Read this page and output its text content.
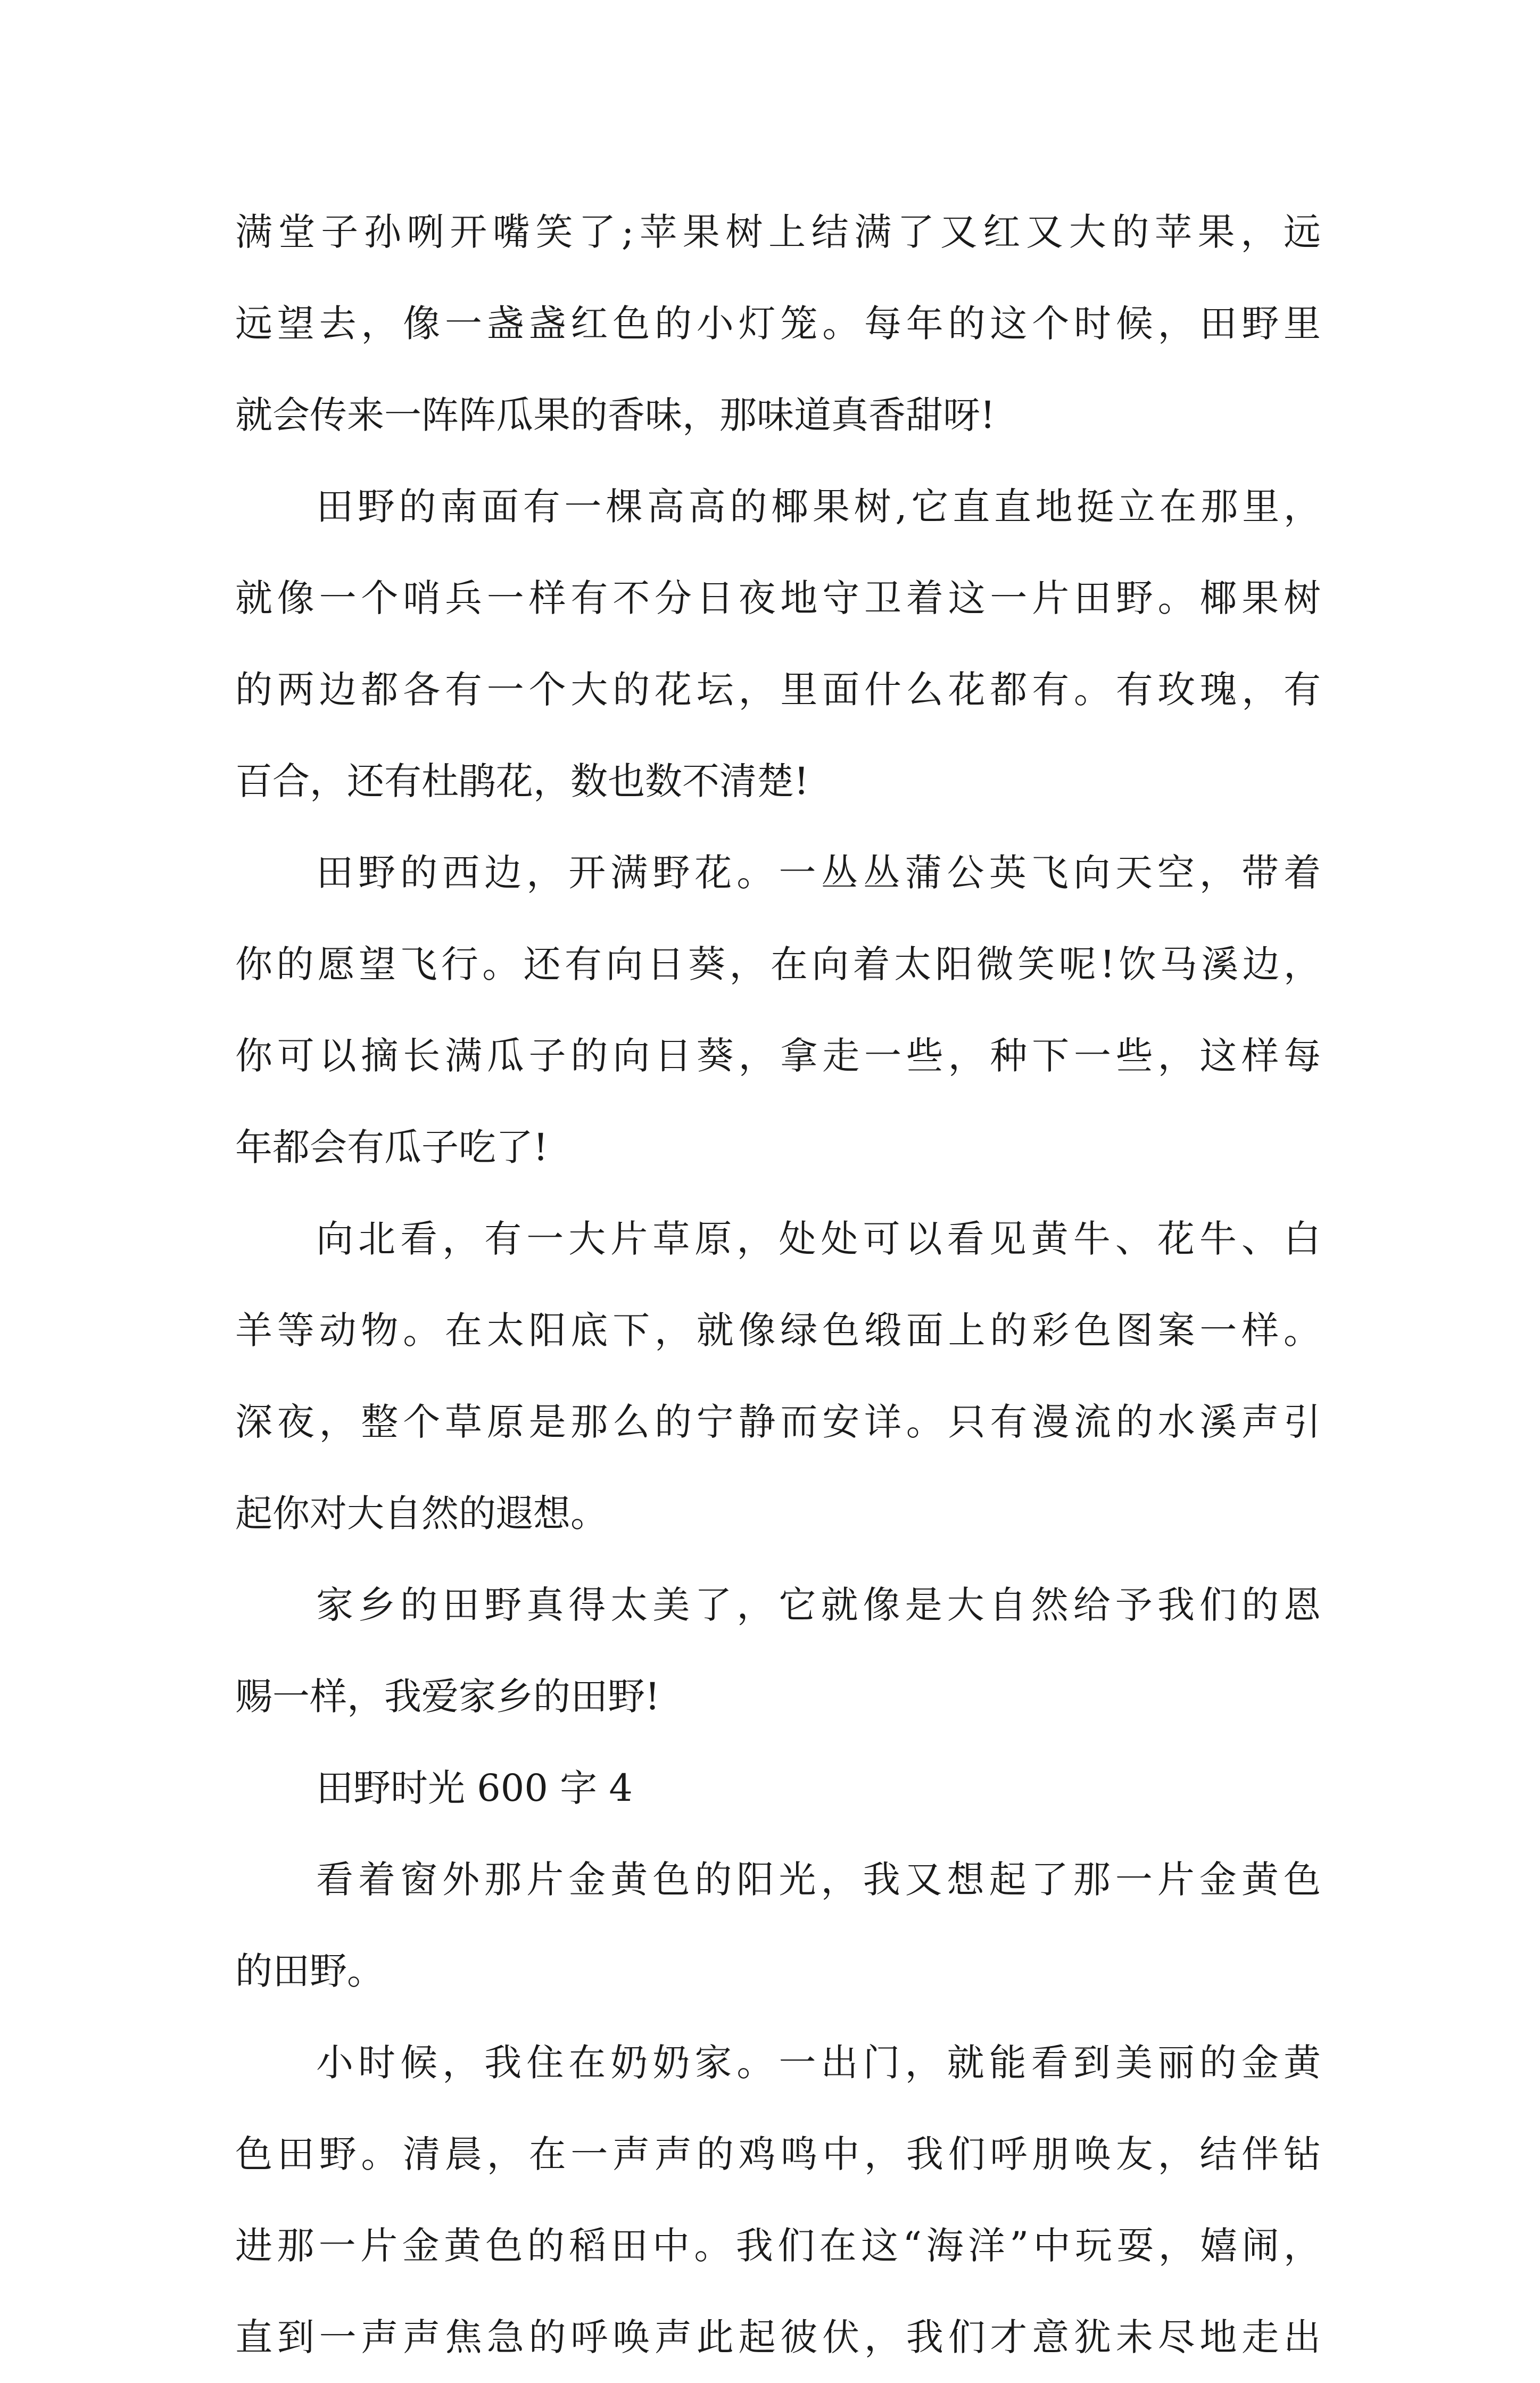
满堂子孙咧开嘴笑了;苹果树上结满了又红又大的苹果，远
远望去，像一盏盏红色的小灯笼。每年的这个时候，田野里
就会传来一阵阵瓜果的香味，那味道真香甜呀!
田野的南面有一棵高高的椰果树,它直直地挺立在那里，
就像一个哨兵一样有不分日夜地守卫着这一片田野。椰果树
的两边都各有一个大的花坛，里面什么花都有。有玫瑰，有
百合，还有杜鹃花，数也数不清楚!
田野的西边，开满野花。一丛丛蒲公英飞向天空，带着
你的愿望飞行。还有向日葵，在向着太阳微笑呢!饮马溪边，
你可以摘长满瓜子的向日葵，拿走一些，种下一些，这样每
年都会有瓜子吃了!
向北看，有一大片草原，处处可以看见黄牛、花牛、白
羊等动物。在太阳底下，就像绿色缎面上的彩色图案一样。
深夜，整个草原是那么的宁静而安详。只有漫流的水溪声引
起你对大自然的遐想。
家乡的田野真得太美了，它就像是大自然给予我们的恩
赐一样，我爱家乡的田野!
田野时光 600 字 4
看着窗外那片金黄色的阳光，我又想起了那一片金黄色
的田野。
小时候，我住在奶奶家。一出门，就能看到美丽的金黄
色田野。清晨，在一声声的鸡鸣中，我们呼朋唤友，结伴钻
进那一片金黄色的稻田中。我们在这“海洋”中玩耍，嬉闹，
直到一声声焦急的呼唤声此起彼伏，我们才意犹未尽地走出
